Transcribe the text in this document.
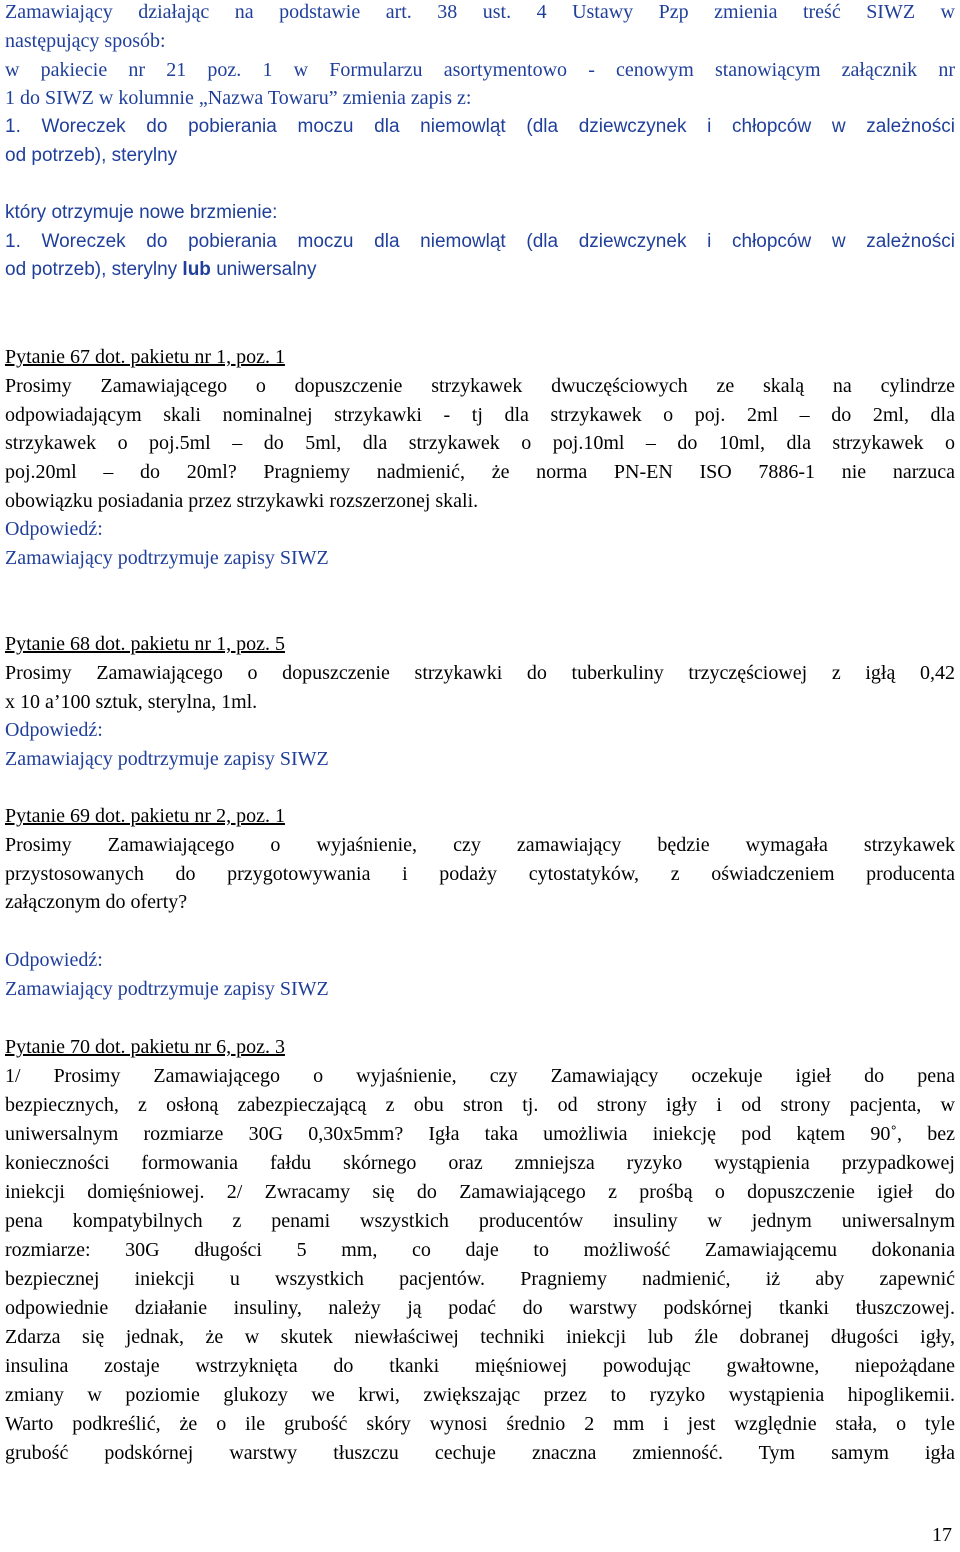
Zamawiający działając na podstawie art. 38 ust. 4 Ustawy Pzp zmienia treść SIWZ w
następujący sposób:
w pakiecie nr 21 poz. 1 w Formularzu asortymentowo - cenowym stanowiącym załącznik nr
1 do SIWZ w kolumnie „Nazwa Towaru” zmienia zapis z:
1. Woreczek do pobierania moczu dla niemowląt (dla dziewczynek i chłopców w zależności
od potrzeb), sterylny
który otrzymuje nowe brzmienie:
1. Woreczek do pobierania moczu dla niemowląt (dla dziewczynek i chłopców w zależności
od potrzeb), sterylny lub uniwersalny
Pytanie 67 dot. pakietu nr 1, poz. 1
Prosimy Zamawiającego o dopuszczenie strzykawek dwuczęściowych ze skalą na cylindrze
odpowiadającym skali nominalnej strzykawki - tj dla strzykawek o poj. 2ml – do 2ml, dla
strzykawek o poj.5ml – do 5ml, dla strzykawek o poj.10ml – do 10ml, dla strzykawek o
poj.20ml – do 20ml? Pragniemy nadmienić, że norma PN-EN ISO 7886-1 nie narzuca
obowiązku posiadania przez strzykawki rozszerzonej skali.
Odpowiedź:
Zamawiający podtrzymuje zapisy SIWZ
Pytanie 68 dot. pakietu nr 1, poz. 5
Prosimy Zamawiającego o dopuszczenie strzykawki do tuberkuliny trzyczęściowej z igłą 0,42
x 10 a’100 sztuk, sterylna, 1ml.
Odpowiedź:
Zamawiający podtrzymuje zapisy SIWZ
Pytanie 69 dot. pakietu nr 2, poz. 1
Prosimy Zamawiającego o wyjaśnienie, czy zamawiający będzie wymagała strzykawek
przystosowanych do przygotowywania i podaży cytostatyków, z oświadczeniem producenta
załączonym do oferty?
Odpowiedź:
Zamawiający podtrzymuje zapisy SIWZ
Pytanie 70 dot. pakietu nr 6, poz. 3
1/ Prosimy Zamawiającego o wyjaśnienie, czy Zamawiający oczekuje igieł do pena
bezpiecznych, z osłoną zabezpieczającą z obu stron tj. od strony igły i od strony pacjenta, w
uniwersalnym rozmiarze 30G 0,30x5mm? Igła taka umożliwia iniekcję pod kątem 90˚, bez
konieczności formowania fałdu skórnego oraz zmniejsza ryzyko wystąpienia przypadkowej
iniekcji domięśniowej. 2/ Zwracamy się do Zamawiającego z prośbą o dopuszczenie igieł do
pena kompatybilnych z penami wszystkich producentów insuliny w jednym uniwersalnym
rozmiarze: 30G długości 5 mm, co daje to możliwość Zamawiającemu dokonania
bezpiecznej iniekcji u wszystkich pacjentów. Pragniemy nadmienić, iż aby zapewnić
odpowiednie działanie insuliny, należy ją podać do warstwy podskórnej tkanki tłuszczowej.
Zdarza się jednak, że w skutek niewłaściwej techniki iniekcji lub źle dobranej długości igły,
insulina zostaje wstrzyknięta do tkanki mięśniowej powodując gwałtowne, niepożądane
zmiany w poziomie glukozy we krwi, zwiększając przez to ryzyko wystąpienia hipoglikemii.
Warto podkreślić, że o ile grubość skóry wynosi średnio 2 mm i jest względnie stała, o tyle
grubość podskórnej warstwy tłuszczu cechuje znaczna zmienność. Tym samym igła
17
